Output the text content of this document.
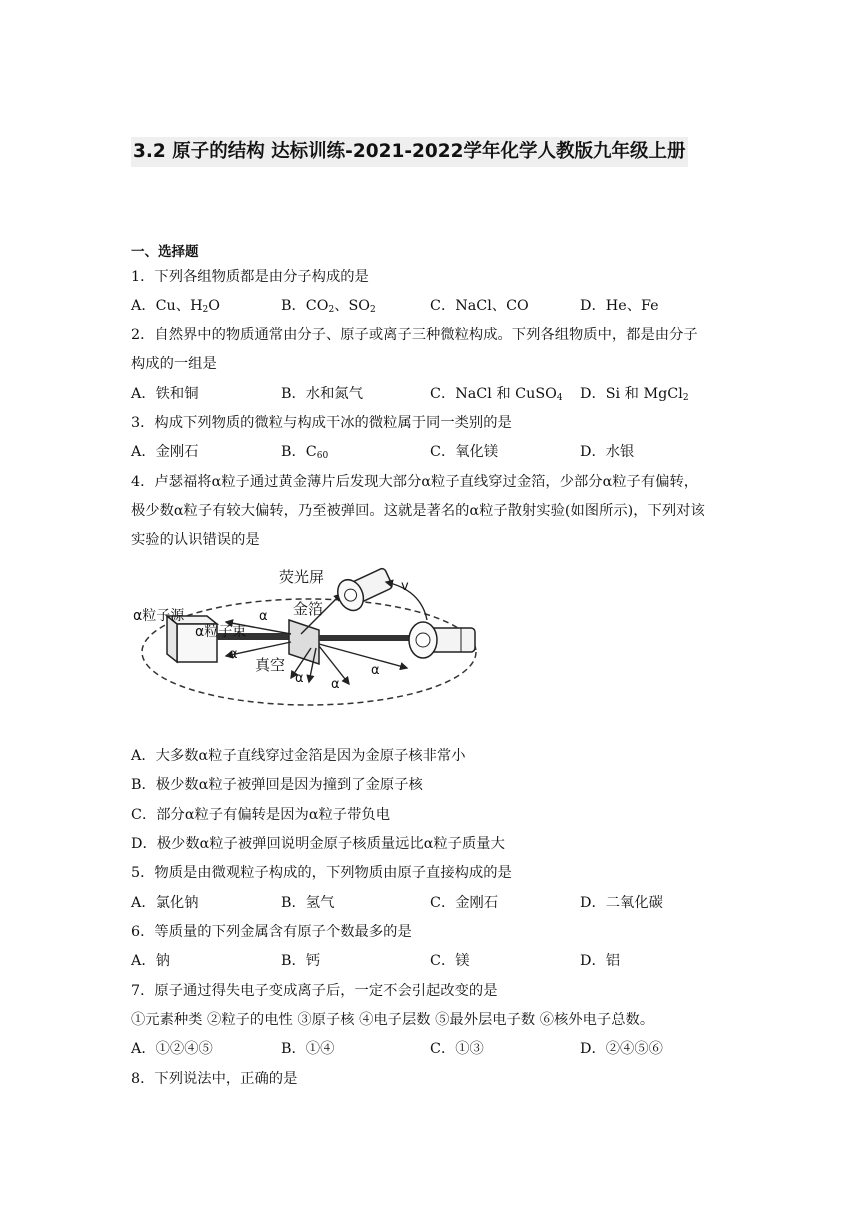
3.2 原子的结构 达标训练-2021-2022学年化学人教版九年级上册
一、选择题
1．下列各组物质都是由分子构成的是
A．Cu、$H_2O$	B．$CO_2$、$SO_2$	C．NaCl、CO	D．He、Fe
2．自然界中的物质通常由分子、原子或离子三种微粒构成。下列各组物质中，都是由分子
构成的一组是
A．铁和铜	B．水和氮气	C．NaCl 和 CuSO$_4$ D．Si 和 MgCl$_2$
3．构成下列物质的微粒与构成干冰的微粒属于同一类别的是
A．金刚石	B．$C_{60}$	C．氧化镁	D．水银
4．卢瑟福将α粒子通过黄金薄片后发现大部分α粒子直线穿过金箔，少部分α粒子有偏转，
极少数α粒子有较大偏转，乃至被弹回。这就是著名的α粒子散射实验(如图所示)，下列对该
实验的认识错误的是
荧光屏
金箔
α粒子源
α粒子束
真空
v
α
α
α α
α
A．大多数α粒子直线穿过金箔是因为金原子核非常小
B．极少数α粒子被弹回是因为撞到了金原子核
C．部分α粒子有偏转是因为α粒子带负电
D．极少数α粒子被弹回说明金原子核质量远比α粒子质量大
5．物质是由微观粒子构成的，下列物质由原子直接构成的是
A．氯化钠	B．氢气	C．金刚石	D．二氧化碳
6．等质量的下列金属含有原子个数最多的是
A．钠	B．钙	C．镁	D．铝
7．原子通过得失电子变成离子后，一定不会引起改变的是
①元素种类 ②粒子的电性 ③原子核 ④电子层数 ⑤最外层电子数 ⑥核外电子总数。
A．①②④⑤	B．①④	C．①③	D．②④⑤⑥
8．下列说法中，正确的是
